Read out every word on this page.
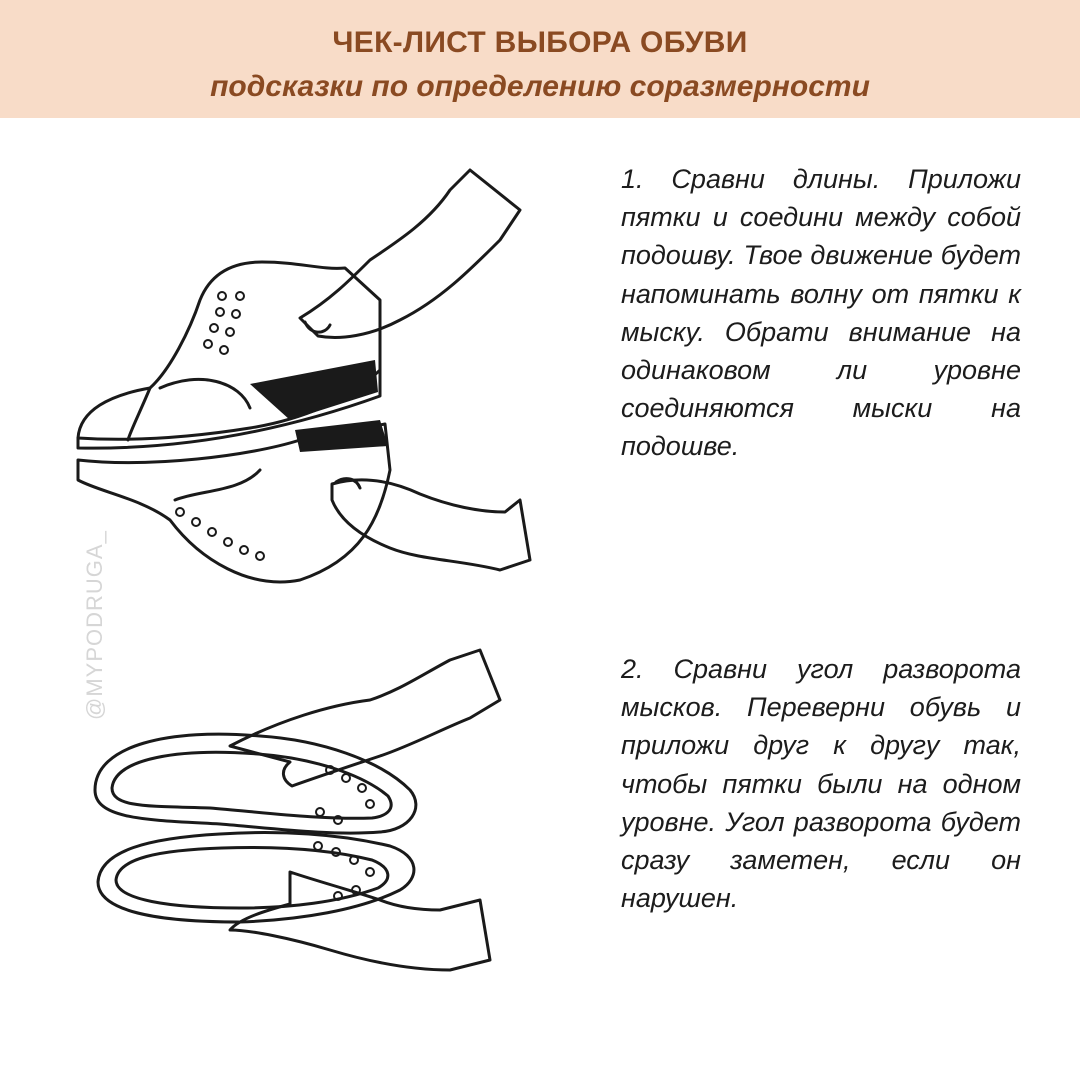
ЧЕК-ЛИСТ ВЫБОРА ОБУВИ
подсказки по определению соразмерности
@MYPODRUGA_
1. Сравни длины. Приложи пятки и соедини между собой подошву. Твое движение будет напоминать волну от пятки к мыску. Обрати внимание на одинаковом ли уровне соединяются мыски на подошве.
2. Сравни угол разворота мысков. Переверни обувь и приложи друг к другу так, чтобы пятки были на одном уровне. Угол разворота будет сразу заметен, если он нарушен.
